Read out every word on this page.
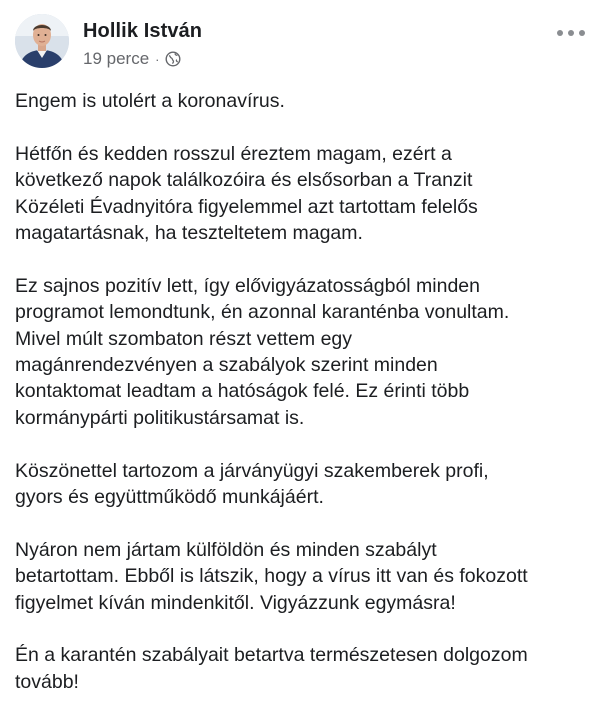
Hollik István
19 perce ·

Engem is utolért a koronavírus.

Hétfőn és kedden rosszul éreztem magam, ezért a
következő napok találkozóira és elsősorban a Tranzit
Közéleti Évadnyitóra figyelemmel azt tartottam felelős
magatartásnak, ha teszteltetem magam.

Ez sajnos pozitív lett, így elővigyázatosságból minden
programot lemondtunk, én azonnal karanténba vonultam.
Mivel múlt szombaton részt vettem egy
magánrendezvényen a szabályok szerint minden
kontaktomat leadtam a hatóságok felé. Ez érinti több
kormánypárti politikustársamat is.

Köszönettel tartozom a járványügyi szakemberek profi,
gyors és együttműködő munkájáért.

Nyáron nem jártam külföldön és minden szabályt
betartottam. Ebből is látszik, hogy a vírus itt van és fokozott
figyelmet kíván mindenkitől. Vigyázzunk egymásra!

Én a karantén szabályait betartva természetesen dolgozom
tovább!
